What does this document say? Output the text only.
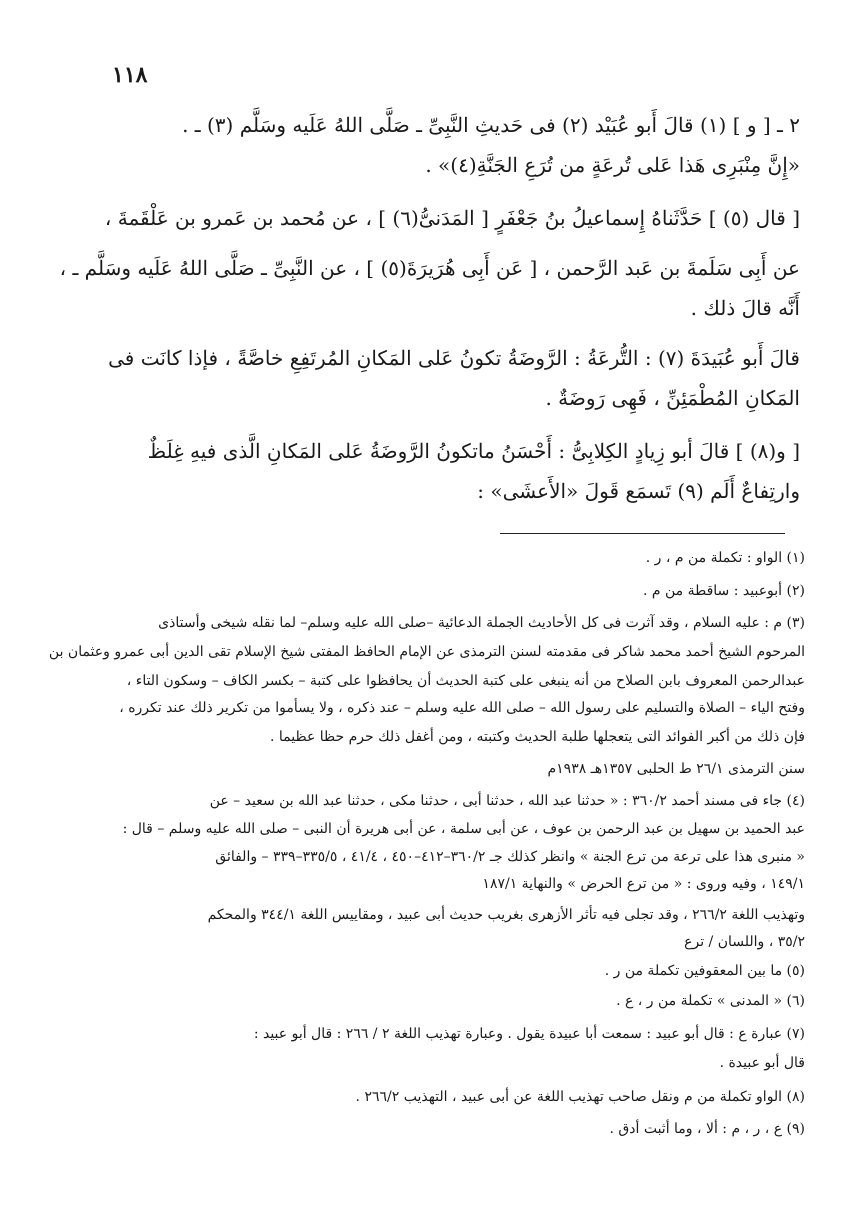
١١٨
٢ ـ [ و ] (١) قالَ أَبو عُبَيْد (٢) فى حَديثِ النَّبِىِّ ـ صَلَّى اللهُ عَلَيه وسَلَّم (٣) ـ .
«إِنَّ مِنْبَرِى هَذا عَلى تُرعَةٍ من تُرَعِ الجَنَّةِ(٤)» .
[ قال (٥) ] حَدَّثَناهُ إِسماعيلُ بنُ جَعْفَرٍ [ المَدَنىُّ(٦) ] ، عن مُحمد بن عَمرو بن عَلْقَمةَ ،
عن أَبِى سَلَمةَ بن عَبد الرَّحمن ، [ عَن أَبِى هُرَيرَةَ(٥) ] ، عن النَّبِىِّ ـ صَلَّى اللهُ عَلَيه وسَلَّم ـ ،
أَنَّه قالَ ذلك .
قالَ أَبو عُبَيدَةَ (٧) : التُّرعَةُ : الرَّوضَةُ تكونُ عَلى المَكانِ المُرتَفِعِ خاصَّةً ، فإذا كانَت فى
المَكانِ المُطْمَئِنِّ ، فَهِى رَوضَةٌ .
[ و(٨) ] قالَ أبو زِيادٍ الكِلابِىُّ : أَحْسَنُ ماتكونُ الرَّوضَةُ عَلى المَكانِ الَّذى فيهِ غِلَظٌ
وارتِفاعٌ أَلَم (٩) تَسمَع قَولَ «الأَعشَى» :
(١) الواو : تكملة من م ، ر .
(٢) أبوعبيد : ساقطة من م .
(٣) م : عليه السلام ، وقد آثرت فى كل الأحاديث الجملة الدعائية –صلى الله عليه وسلم– لما نقله شيخى وأستاذى
المرحوم الشيخ أحمد محمد شاكر فى مقدمته لسنن الترمذى عن الإمام الحافظ المفتى شيخ الإسلام تقى الدين أبى عمرو وعثمان بن
عبدالرحمن المعروف بابن الصلاح من أنه ينبغى على كتبة الحديث أن يحافظوا على كتبة – بكسر الكاف – وسكون التاء ،
وفتح الياء – الصلاة والتسليم على رسول الله – صلى الله عليه وسلم – عند ذكره ، ولا يسأموا من تكرير ذلك عند تكرره ،
فإن ذلك من أكبر الفوائد التى يتعجلها طلبة الحديث وكتبته ، ومن أغفل ذلك حرم حظا عظيما .
سنن الترمذى ٢٦/١ ط الحلبى ١٣٥٧هـ ١٩٣٨م
(٤) جاء فى مسند أحمد ٣٦٠/٢ : « حدثنا عبد الله ، حدثنا أبى ، حدثنا مكى ، حدثنا عبد الله بن سعيد – عن
عبد الحميد بن سهيل بن عبد الرحمن بن عوف ، عن أبى سلمة ، عن أبى هريرة أن النبى – صلى الله عليه وسلم – قال :
« منبرى هذا على ترعة من ترع الجنة » وانظر كذلك جـ ٣٦٠/٢–٤١٢–٤٥٠ ، ٤١/٤ ، ٣٣٥/٥–٣٣٩ – والفائق
١٤٩/١ ، وفيه وروى : « من ترع الحرض » والنهاية ١٨٧/١
وتهذيب اللغة ٢٦٦/٢ ، وقد تجلى فيه تأثر الأزهرى بغريب حديث أبى عبيد ، ومقاييس اللغة ٣٤٤/١ والمحكم
٣٥/٢ ، واللسان / ترع
(٥) ما بين المعقوفين تكملة من ر .
(٦) « المدنى » تكملة من ر ، ع .
(٧) عبارة ع : قال أبو عبيد : سمعت أبا عبيدة يقول . وعبارة تهذيب اللغة ٢ / ٢٦٦ : قال أبو عبيد :
قال أبو عبيدة .
(٨) الواو تكملة من م ونقل صاحب تهذيب اللغة عن أبى عبيد ، التهذيب ٢٦٦/٢ .
(٩) ع ، ر ، م : ألا ، وما أثبت أدق .
